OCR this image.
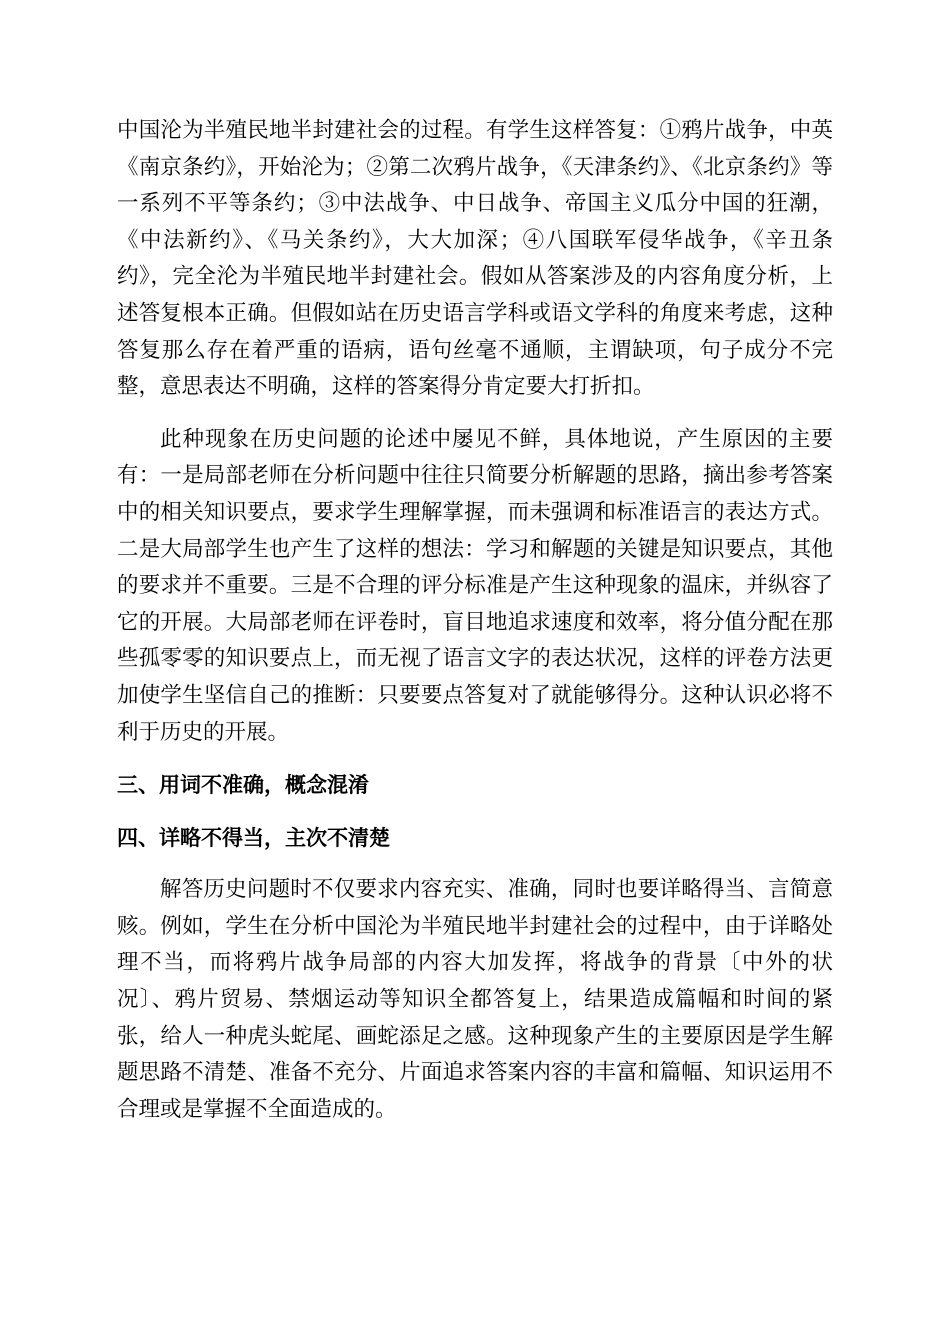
中国沦为半殖民地半封建社会的过程。有学生这样答复：①鸦片战争，中英《南京条约》，开始沦为；②第二次鸦片战争，《天津条约》、《北京条约》等一系列不平等条约；③中法战争、中日战争、帝国主义瓜分中国的狂潮，《中法新约》、《马关条约》，大大加深；④八国联军侵华战争，《辛丑条约》，完全沦为半殖民地半封建社会。假如从答案涉及的内容角度分析，上述答复根本正确。但假如站在历史语言学科或语文学科的角度来考虑，这种答复那么存在着严重的语病，语句丝毫不通顺，主谓缺项，句子成分不完整，意思表达不明确，这样的答案得分肯定要大打折扣。

此种现象在历史问题的论述中屡见不鲜，具体地说，产生原因的主要有：一是局部老师在分析问题中往往只简要分析解题的思路，摘出参考答案中的相关知识要点，要求学生理解掌握，而未强调和标准语言的表达方式。二是大局部学生也产生了这样的想法：学习和解题的关键是知识要点，其他的要求并不重要。三是不合理的评分标准是产生这种现象的温床，并纵容了它的开展。大局部老师在评卷时，盲目地追求速度和效率，将分值分配在那些孤零零的知识要点上，而无视了语言文字的表达状况，这样的评卷方法更加使学生坚信自己的推断：只要要点答复对了就能够得分。这种认识必将不利于历史的开展。

三、用词不准确，概念混淆
四、详略不得当，主次不清楚

解答历史问题时不仅要求内容充实、准确，同时也要详略得当、言简意赅。例如，学生在分析中国沦为半殖民地半封建社会的过程中，由于详略处理不当，而将鸦片战争局部的内容大加发挥，将战争的背景〔中外的状况〕、鸦片贸易、禁烟运动等知识全都答复上，结果造成篇幅和时间的紧张，给人一种虎头蛇尾、画蛇添足之感。这种现象产生的主要原因是学生解题思路不清楚、准备不充分、片面追求答案内容的丰富和篇幅、知识运用不合理或是掌握不全面造成的。
